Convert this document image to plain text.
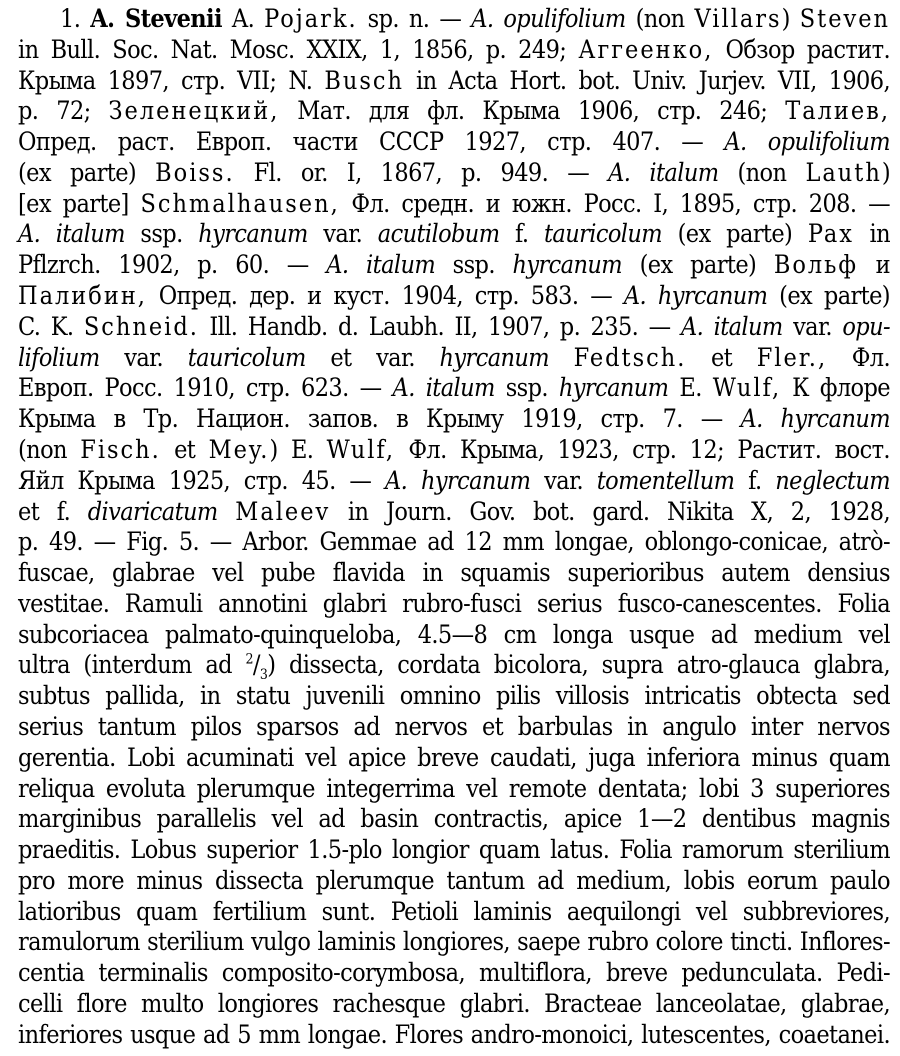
1. A. Stevenii A. Pojark. sp. n. — A. opulifolium (non Villars) Steven
in Bull. Soc. Nat. Mosc. XXIX, 1, 1856, p. 249; Аггеенко, Обзор растит.
Крыма 1897, стр. VII; N. Busch in Acta Hort. bot. Univ. Jurjev. VII, 1906,
p. 72; Зеленецкий, Мат. для фл. Крыма 1906, стр. 246; Талиев,
Опред. раст. Европ. части СССР 1927, стр. 407. — A. opulifolium
(ex parte) Boiss. Fl. or. I, 1867, p. 949. — A. italum (non Lauth)
[ex parte] Schmalhausen, Фл. средн. и южн. Росс. I, 1895, стр. 208. —
A. italum ssp. hyrcanum var. acutilobum f. tauricolum (ex parte) Pax in
Pflzrch. 1902, p. 60. — A. italum ssp. hyrcanum (ex parte) Вольф и
Палибин, Опред. дер. и куст. 1904, стр. 583. — A. hyrcanum (ex parte)
C. K. Schneid. Ill. Handb. d. Laubh. II, 1907, p. 235. — A. italum var. opu-
lifolium var. tauricolum et var. hyrcanum Fedtsch. et Fler., Фл.
Европ. Росс. 1910, стр. 623. — A. italum ssp. hyrcanum E. Wulf, К флоре
Крыма в Тр. Национ. запов. в Крыму 1919, стр. 7. — A. hyrcanum
(non Fisch. et Mey.) E. Wulf, Фл. Крыма, 1923, стр. 12; Растит. вост.
Яйл Крыма 1925, стр. 45. — A. hyrcanum var. tomentellum f. neglectum
et f. divaricatum Maleev in Journ. Gov. bot. gard. Nikita X, 2, 1928,
p. 49. — Fig. 5. — Arbor. Gemmae ad 12 mm longae, oblongo-conicae, atrò-
fuscae, glabrae vel pube flavida in squamis superioribus autem densius
vestitae. Ramuli annotini glabri rubro-fusci serius fusco-canescentes. Folia
subcoriacea palmato-quinqueloba, 4.5—8 cm longa usque ad medium vel
ultra (interdum ad $^2/_3$) dissecta, cordata bicolora, supra atro-glauca glabra,
subtus pallida, in statu juvenili omnino pilis villosis intricatis obtecta sed
serius tantum pilos sparsos ad nervos et barbulas in angulo inter nervos
gerentia. Lobi acuminati vel apice breve caudati, juga inferiora minus quam
reliqua evoluta plerumque integerrima vel remote dentata; lobi 3 superiores
marginibus parallelis vel ad basin contractis, apice 1—2 dentibus magnis
praeditis. Lobus superior 1.5-plo longior quam latus. Folia ramorum sterilium
pro more minus dissecta plerumque tantum ad medium, lobis eorum paulo
latioribus quam fertilium sunt. Petioli laminis aequilongi vel subbreviores,
ramulorum sterilium vulgo laminis longiores, saepe rubro colore tincti. Inflores-
centia terminalis composito-corymbosa, multiflora, breve pedunculata. Pedi-
celli flore multo longiores rachesque glabri. Bracteae lanceolatae, glabrae,
inferiores usque ad 5 mm longae. Flores andro-monoici, lutescentes, coaetanei.
